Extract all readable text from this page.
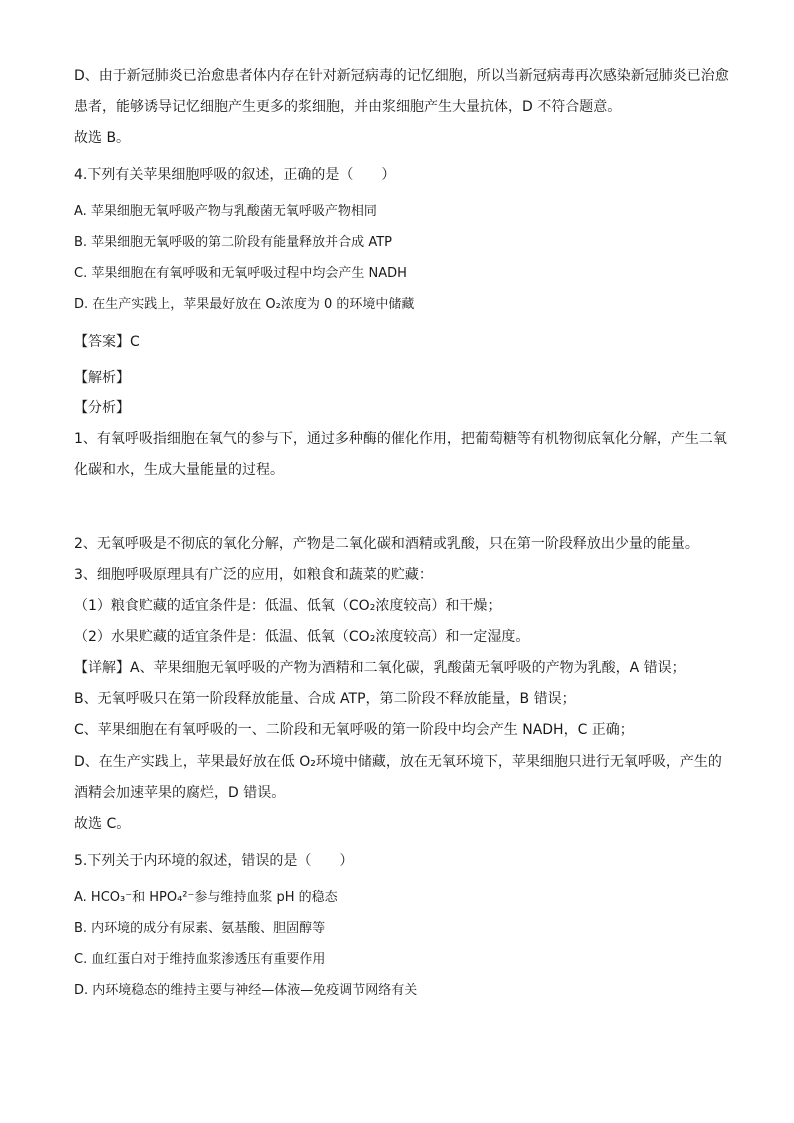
D、由于新冠肺炎已治愈患者体内存在针对新冠病毒的记忆细胞，所以当新冠病毒再次感染新冠肺炎已治愈
患者，能够诱导记忆细胞产生更多的浆细胞，并由浆细胞产生大量抗体，D 不符合题意。
故选 B。
4.下列有关苹果细胞呼吸的叙述，正确的是（　　）
A. 苹果细胞无氧呼吸产物与乳酸菌无氧呼吸产物相同
B. 苹果细胞无氧呼吸的第二阶段有能量释放并合成 ATP
C. 苹果细胞在有氧呼吸和无氧呼吸过程中均会产生 NADH
D. 在生产实践上，苹果最好放在 O₂浓度为 0 的环境中储藏
【答案】C
【解析】
【分析】
1、有氧呼吸指细胞在氧气的参与下，通过多种酶的催化作用，把葡萄糖等有机物彻底氧化分解，产生二氧
化碳和水，生成大量能量的过程。
2、无氧呼吸是不彻底的氧化分解，产物是二氧化碳和酒精或乳酸，只在第一阶段释放出少量的能量。
3、细胞呼吸原理具有广泛的应用，如粮食和蔬菜的贮藏：
（1）粮食贮藏的适宜条件是：低温、低氧（CO₂浓度较高）和干燥；
（2）水果贮藏的适宜条件是：低温、低氧（CO₂浓度较高）和一定湿度。
【详解】A、苹果细胞无氧呼吸的产物为酒精和二氧化碳，乳酸菌无氧呼吸的产物为乳酸，A 错误；
B、无氧呼吸只在第一阶段释放能量、合成 ATP，第二阶段不释放能量，B 错误；
C、苹果细胞在有氧呼吸的一、二阶段和无氧呼吸的第一阶段中均会产生 NADH，C 正确；
D、在生产实践上，苹果最好放在低 O₂环境中储藏，放在无氧环境下，苹果细胞只进行无氧呼吸，产生的
酒精会加速苹果的腐烂，D 错误。
故选 C。
5.下列关于内环境的叙述，错误的是（　　）
A. HCO₃⁻和 HPO₄²⁻参与维持血浆 pH 的稳态
B. 内环境的成分有尿素、氨基酸、胆固醇等
C. 血红蛋白对于维持血浆渗透压有重要作用
D. 内环境稳态的维持主要与神经—体液—免疫调节网络有关
